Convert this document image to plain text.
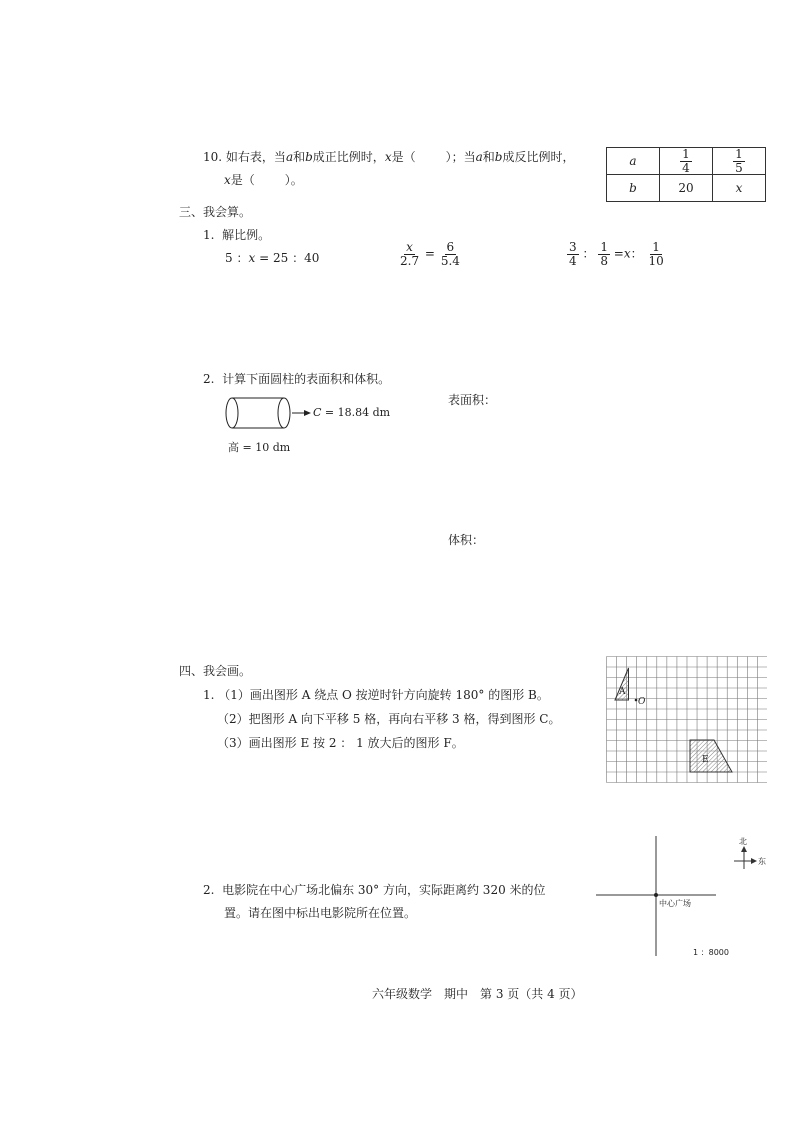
10. 如右表，当a和b成正比例时，x是（	）；当a和b成反比例时，
x是（	）。
a	$\frac{1}{4}$	$\frac{1}{5}$

b	20	x
三、我会算。
1. 解比例。
5 ：x = 25 ：40	$\frac{x}{2.7} = \frac{6}{5.4}$	$\frac{3}{4}$ ： $\frac{1}{8} =x$： $\frac{1}{10}$
2. 计算下面圆柱的表面积和体积。
C = 18.84 dm
高 = 10 dm
表面积：
体积：
四、我会画。
1. （1）画出图形 A 绕点 O 按逆时针方向旋转 180° 的图形 B。
（2）把图形 A 向下平移 5 格，再向右平移 3 格，得到图形 C。
（3）画出图形 E 按 2 ： 1 放大后的图形 F。
A
O
E
2. 电影院在中心广场北偏东 30° 方向，实际距离约 320 米的位
置。请在图中标出电影院所在位置。
北
东
中心广场
1 ：8000
六年级数学　期中　第 3 页（共 4 页）
